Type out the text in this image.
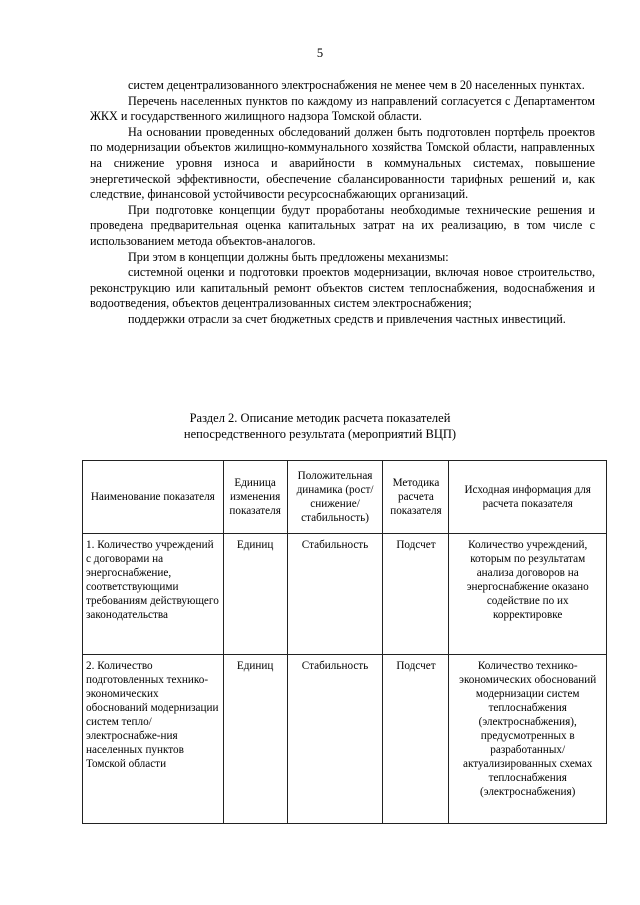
5

систем децентрализованного электроснабжения не менее чем в 20 населенных пунктах.

Перечень населенных пунктов по каждому из направлений согласуется с Департаментом ЖКХ и государственного жилищного надзора Томской области.

На основании проведенных обследований должен быть подготовлен портфель проектов по модернизации объектов жилищно-коммунального хозяйства Томской области, направленных на снижение уровня износа и аварийности в коммунальных системах, повышение энергетической эффективности, обеспечение сбалансированности тарифных решений и, как следствие, финансовой устойчивости ресурсоснабжающих организаций.

При подготовке концепции будут проработаны необходимые технические решения и проведена предварительная оценка капитальных затрат на их реализацию, в том числе с использованием метода объектов-аналогов.

При этом в концепции должны быть предложены механизмы:

системной оценки и подготовки проектов модернизации, включая новое строительство, реконструкцию или капитальный ремонт объектов систем теплоснабжения, водоснабжения и водоотведения, объектов децентрализованных систем электроснабжения;

поддержки отрасли за счет бюджетных средств и привлечения частных инвестиций.

Раздел 2. Описание методик расчета показателей
непосредственного результата (мероприятий ВЦП)
Наименование показателя	Единица изменения показателя	Положительная динамика (рост/снижение/ стабильность)	Методика расчета показателя	Исходная информация для расчета показателя
1. Количество учреждений с договорами на энергоснабжение, соответствующими требованиям действующего законодательства	Единиц	Стабильность	Подсчет	Количество учреждений, которым по результатам анализа договоров на энергоснабжение оказано содействие по их корректировке
2. Количество подготовленных технико-экономических обоснований модернизации систем тепло/электроснабже-ния населенных пунктов Томской области	Единиц	Стабильность	Подсчет	Количество технико-экономических обоснований модернизации систем теплоснабжения (электроснабжения), предусмотренных в разработанных/ актуализированных схемах теплоснабжения (электроснабжения)
